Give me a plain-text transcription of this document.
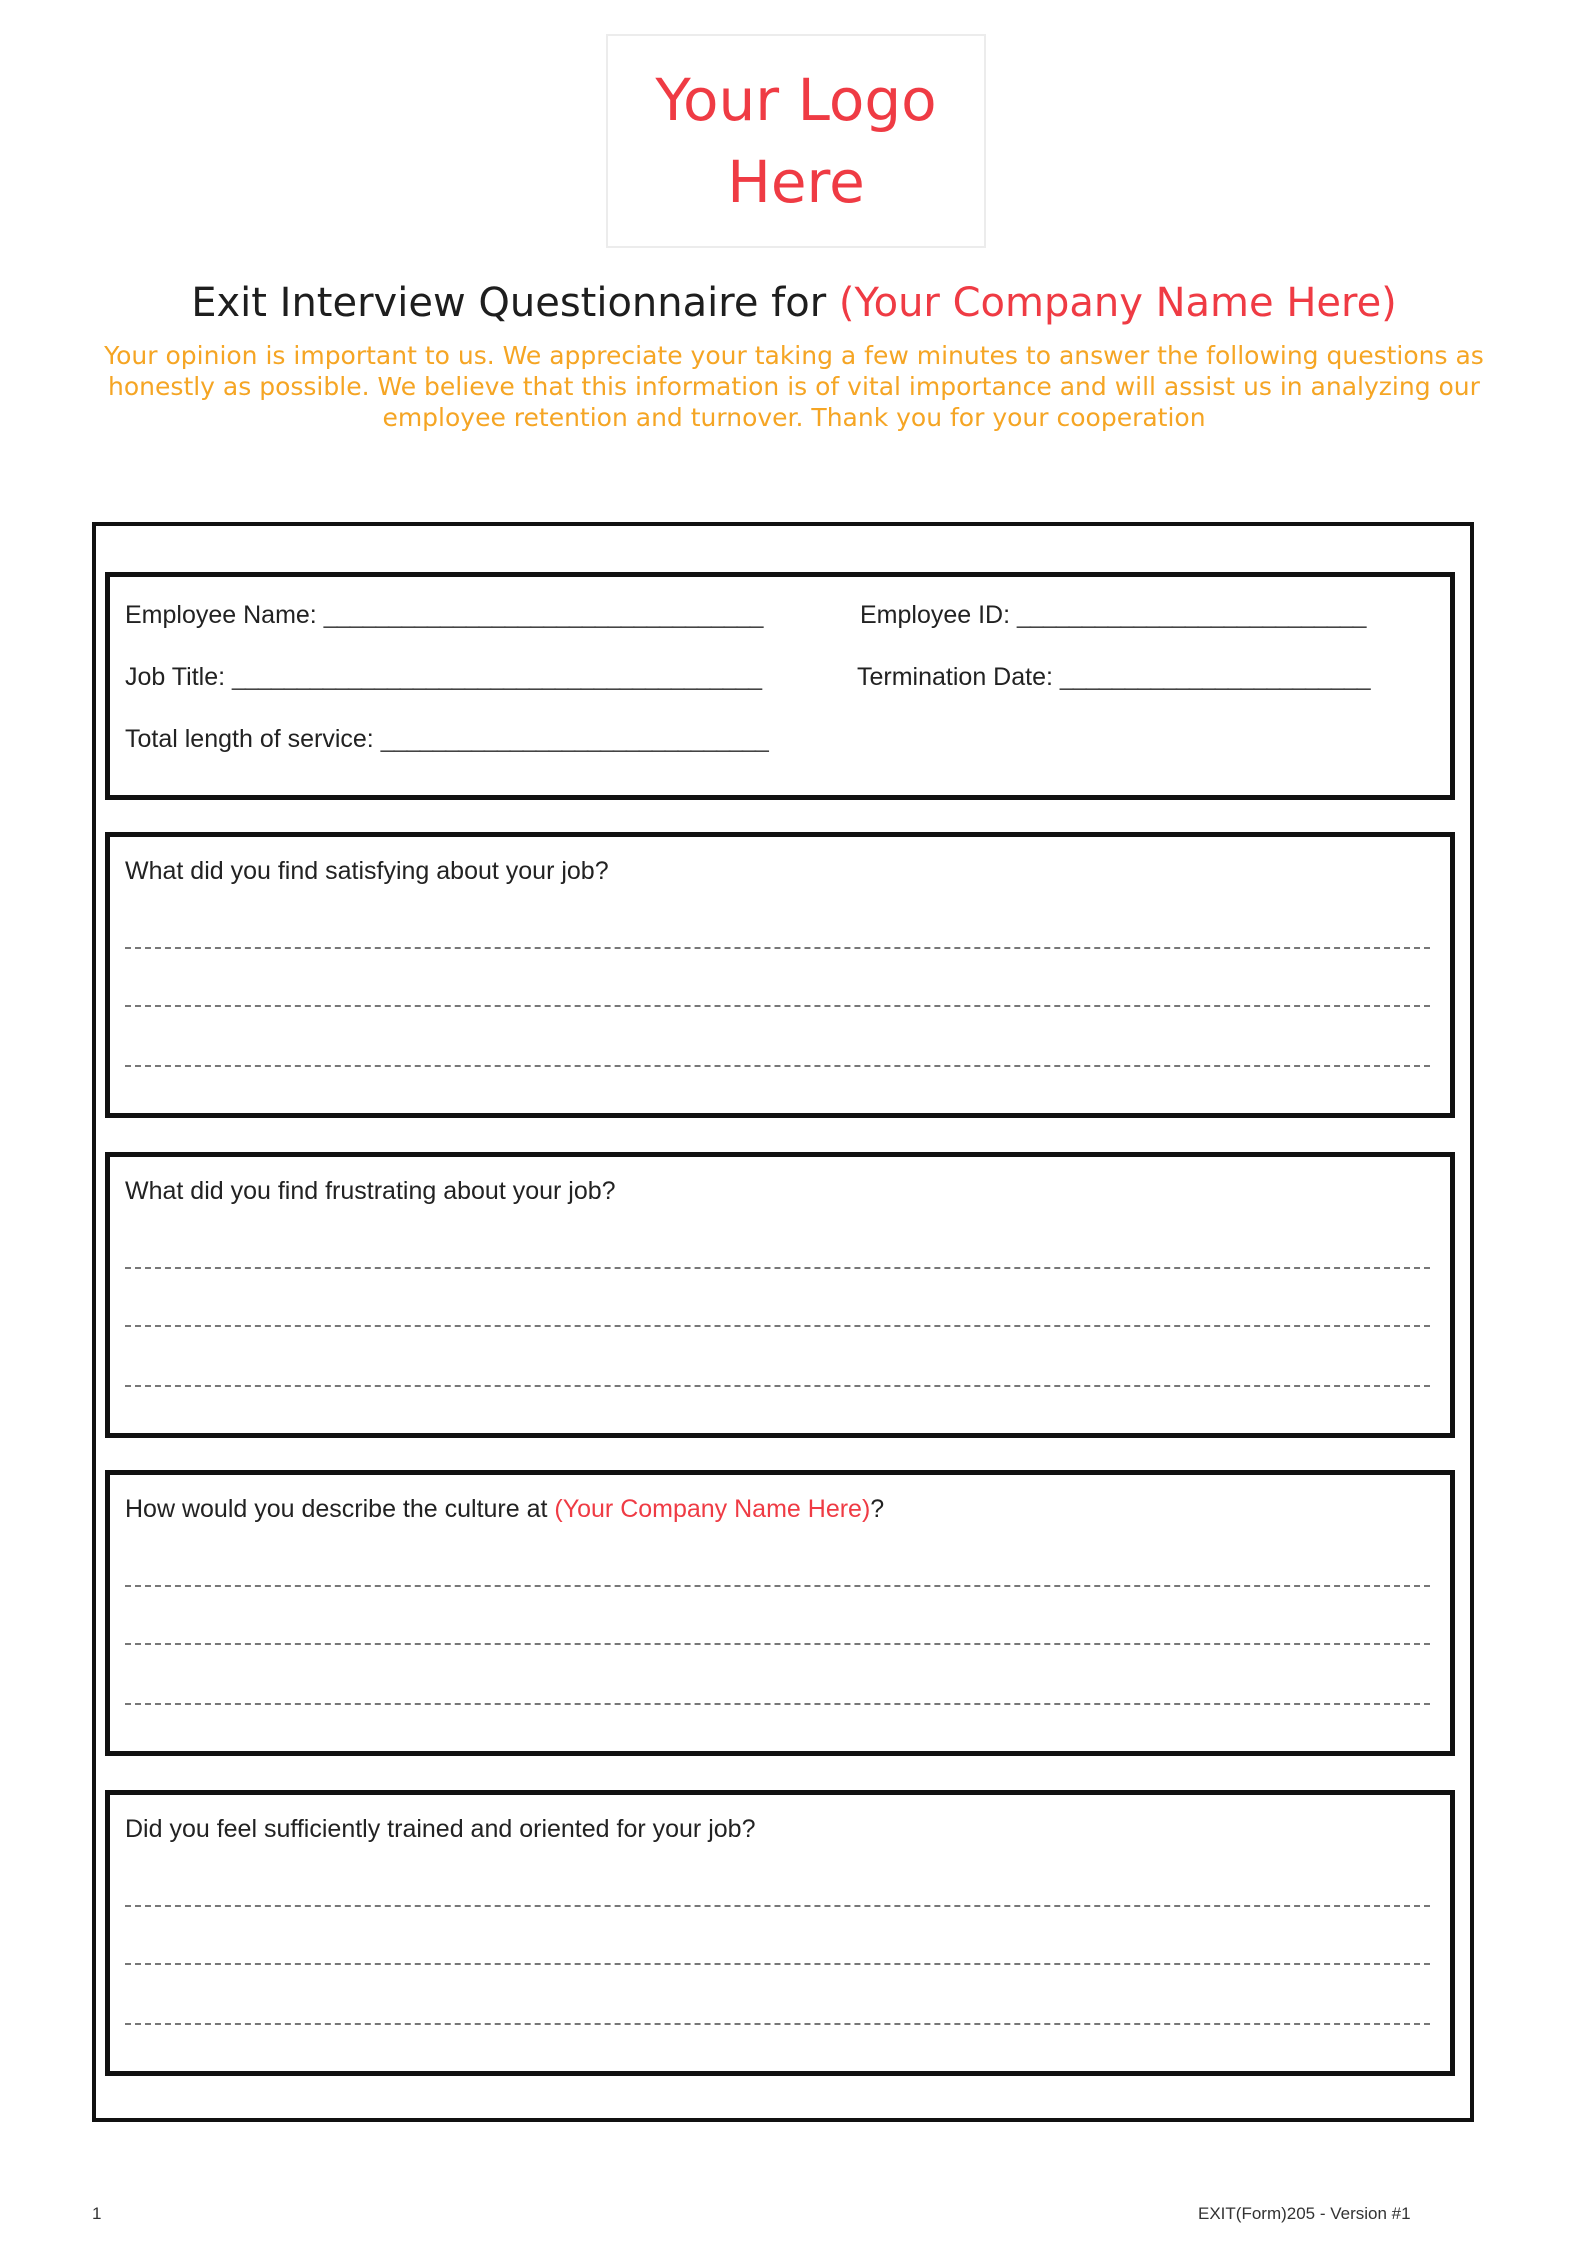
Your Logo
Here
Exit Interview Questionnaire for (Your Company Name Here)
Your opinion is important to us. We appreciate your taking a few minutes to answer the following questions as honestly as possible. We believe that this information is of vital importance and will assist us in analyzing our employee retention and turnover. Thank you for your cooperation
Employee Name: __________________________________	Employee ID: ___________________________
Job Title: _________________________________________	Termination Date: ________________________
Total length of service: ______________________________
What did you find satisfying about your job?
What did you find frustrating about your job?
How would you describe the culture at (Your Company Name Here)?
Did you feel sufficiently trained and oriented for your job?
1	EXIT(Form)205 - Version #1
